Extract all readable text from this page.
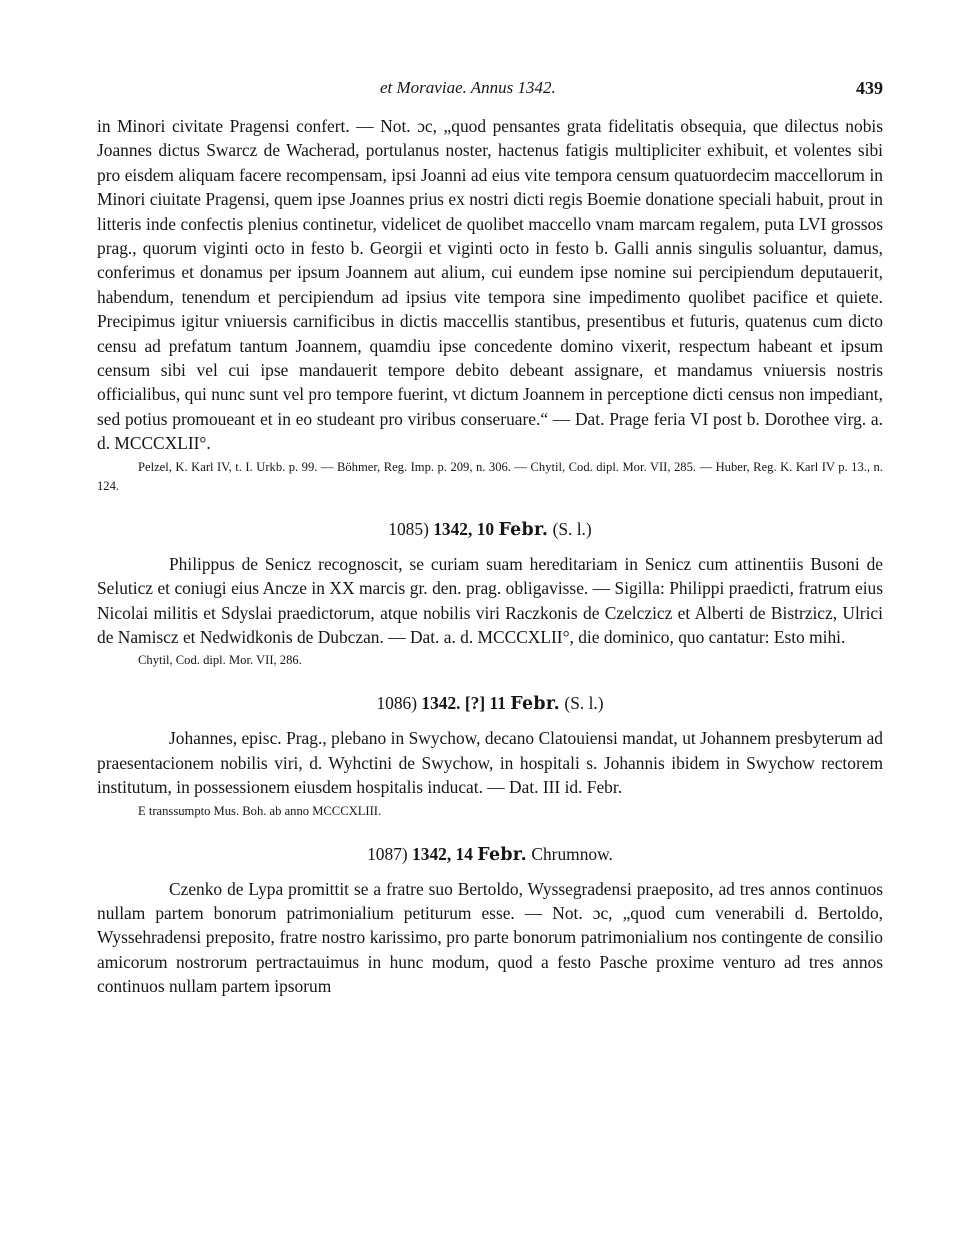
et Moraviae. Annus 1342.	439

in Minori civitate Pragensi confert. — Not. ɔc, „quod pensantes grata fidelitatis obsequia, que dilectus nobis Joannes dictus Swarcz de Wacherad, portulanus noster, hactenus fatigis multipliciter exhibuit, et volentes sibi pro eisdem aliquam facere recompensam, ipsi Joanni ad eius vite tempora censum quatuordecim maccellorum in Minori ciuitate Pragensi, quem ipse Joannes prius ex nostri dicti regis Boemie donatione speciali habuit, prout in litteris inde confectis plenius continetur, videlicet de quolibet maccello vnam marcam regalem, puta LVI grossos prag., quorum viginti octo in festo b. Georgii et viginti octo in festo b. Galli annis singulis soluantur, damus, conferimus et donamus per ipsum Joannem aut alium, cui eundem ipse nomine sui percipiendum deputauerit, habendum, tenendum et percipiendum ad ipsius vite tempora sine impedimento quolibet pacifice et quiete. Precipimus igitur vniuersis carnificibus in dictis maccellis stantibus, presentibus et futuris, quatenus cum dicto censu ad prefatum tantum Joannem, quamdiu ipse concedente domino vixerit, respectum habeant et ipsum censum sibi vel cui ipse mandauerit tempore debito debeant assignare, et mandamus vniuersis nostris officialibus, qui nunc sunt vel pro tempore fuerint, vt dictum Joannem in perceptione dicti census non impediant, sed potius promoueant et in eo studeant pro viribus conseruare.“ — Dat. Prage feria VI post b. Dorothee virg. a. d. MCCCXLII°.

Pelzel, K. Karl IV, t. I. Urkb. p. 99. — Böhmer, Reg. Imp. p. 209, n. 306. — Chytil, Cod. dipl. Mor. VII, 285. — Huber, Reg. K. Karl IV p. 13., n. 124.

1085) 1342, 10 Febr. (S. l.)

Philippus de Senicz recognoscit, se curiam suam hereditariam in Senicz cum attinentiis Busoni de Seluticz et coniugi eius Ancze in XX marcis gr. den. prag. obligavisse. — Sigilla: Philippi praedicti, fratrum eius Nicolai militis et Sdyslai praedictorum, atque nobilis viri Raczkonis de Czelczicz et Alberti de Bistrzicz, Ulrici de Namiscz et Nedwidkonis de Dubczan. — Dat. a. d. MCCCXLII°, die dominico, quo cantatur: Esto mihi.

Chytil, Cod. dipl. Mor. VII, 286.

1086) 1342. [?] 11 Febr. (S. l.)

Johannes, episc. Prag., plebano in Swychow, decano Clatouiensi mandat, ut Johannem presbyterum ad praesentacionem nobilis viri, d. Wyhctini de Swychow, in hospitali s. Johannis ibidem in Swychow rectorem institutum, in possessionem eiusdem hospitalis inducat. — Dat. III id. Febr.

E transsumpto Mus. Boh. ab anno MCCCXLIII.

1087) 1342, 14 Febr. Chrumnow.

Czenko de Lypa promittit se a fratre suo Bertoldo, Wyssegradensi praeposito, ad tres annos continuos nullam partem bonorum patrimonialium petiturum esse. — Not. ɔc, „quod cum venerabili d. Bertoldo, Wyssehradensi preposito, fratre nostro karissimo, pro parte bonorum patrimonialium nos contingente de consilio amicorum nostrorum pertractauimus in hunc modum, quod a festo Pasche proxime venturo ad tres annos continuos nullam partem ipsorum
